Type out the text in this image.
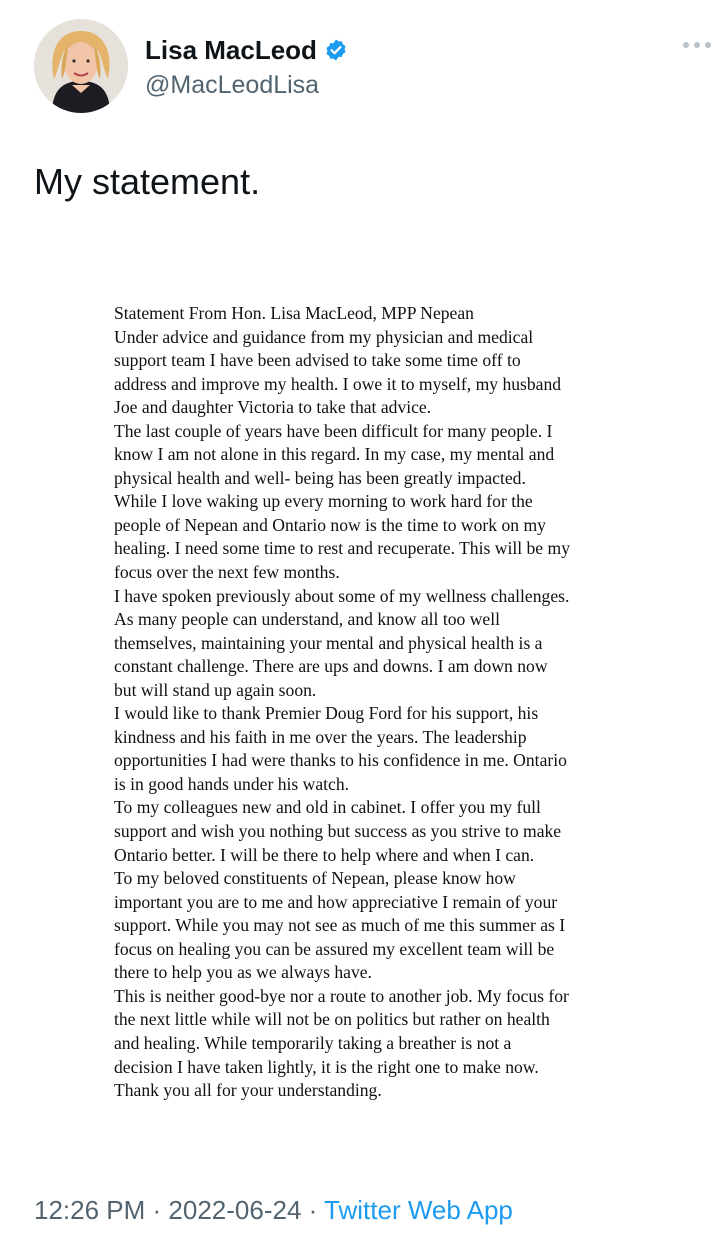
Lisa MacLeod
@MacLeodLisa
My statement.
Statement From Hon. Lisa MacLeod, MPP Nepean
Under advice and guidance from my physician and medical
support team I have been advised to take some time off to
address and improve my health. I owe it to myself, my husband
Joe and daughter Victoria to take that advice.
The last couple of years have been difficult for many people. I
know I am not alone in this regard. In my case, my mental and
physical health and well- being has been greatly impacted.
While I love waking up every morning to work hard for the
people of Nepean and Ontario now is the time to work on my
healing. I need some time to rest and recuperate. This will be my
focus over the next few months.
I have spoken previously about some of my wellness challenges.
As many people can understand, and know all too well
themselves, maintaining your mental and physical health is a
constant challenge. There are ups and downs. I am down now
but will stand up again soon.
I would like to thank Premier Doug Ford for his support, his
kindness and his faith in me over the years. The leadership
opportunities I had were thanks to his confidence in me. Ontario
is in good hands under his watch.
To my colleagues new and old in cabinet. I offer you my full
support and wish you nothing but success as you strive to make
Ontario better. I will be there to help where and when I can.
To my beloved constituents of Nepean, please know how
important you are to me and how appreciative I remain of your
support. While you may not see as much of me this summer as I
focus on healing you can be assured my excellent team will be
there to help you as we always have.
This is neither good-bye nor a route to another job. My focus for
the next little while will not be on politics but rather on health
and healing. While temporarily taking a breather is not a
decision I have taken lightly, it is the right one to make now.
Thank you all for your understanding.
12:26 PM · 2022-06-24 · Twitter Web App
